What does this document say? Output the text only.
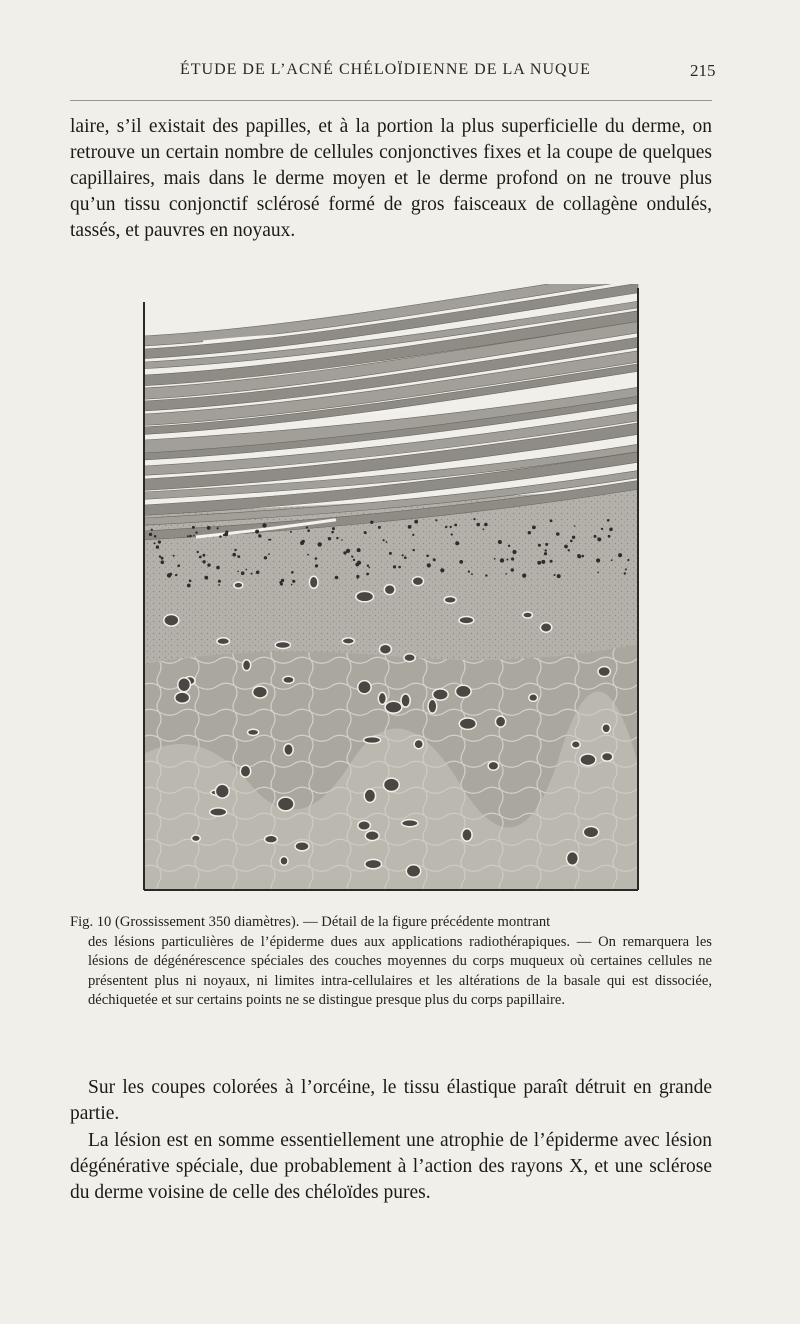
ÉTUDE DE L’ACNÉ CHÉLOÏDIENNE DE LA NUQUE	215

laire, s’il existait des papilles, et à la portion la plus superficielle du derme, on retrouve un certain nombre de cellules conjonctives fixes et la coupe de quelques capillaires, mais dans le derme moyen et le derme profond on ne trouve plus qu’un tissu conjonctif sclérosé formé de gros faisceaux de collagène ondulés, tassés, et pauvres en noyaux.

Fig. 10 (Grossissement 350 diamètres). — Détail de la figure précédente montrant
des lésions particulières de l’épiderme dues aux applications radiothérapiques. — On remarquera les lésions de dégénérescence spéciales des couches moyennes du corps muqueux où certaines cellules ne présentent plus ni noyaux, ni limites intra-cellulaires et les altérations de la basale qui est dissociée, déchiquetée et sur certains points ne se distingue presque plus du corps papillaire.

Sur les coupes colorées à l’orcéine, le tissu élastique paraît détruit en grande partie.

La lésion est en somme essentiellement une atrophie de l’épiderme avec lésion dégénérative spéciale, due probablement à l’action des rayons X, et une sclérose du derme voisine de celle des chéloïdes pures.
